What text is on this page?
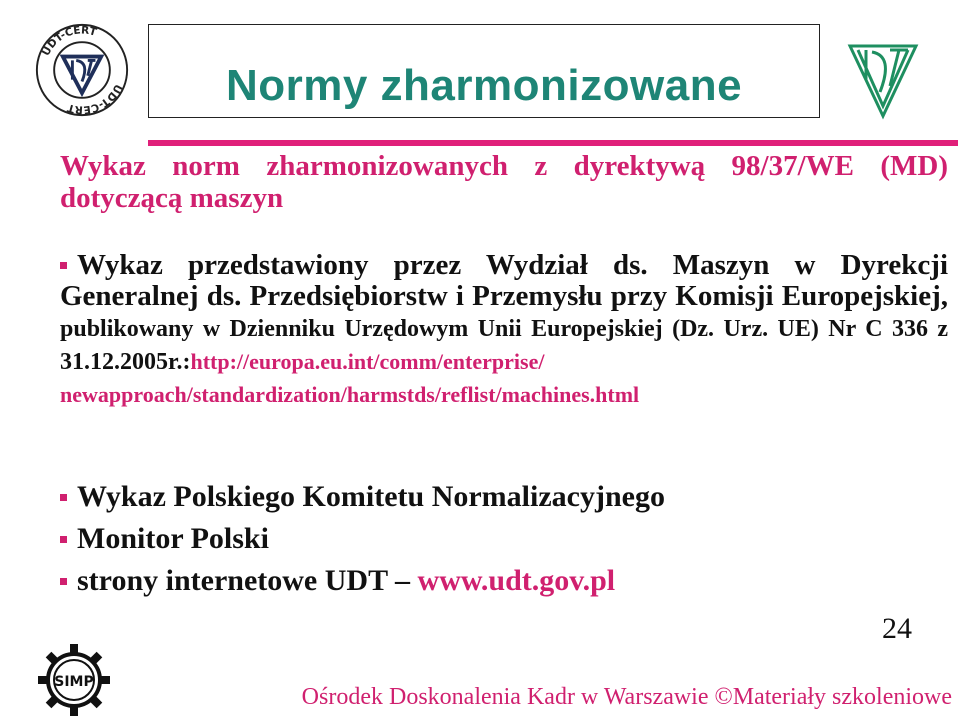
UDT-CERT
UDT-CERT	Normy zharmonizowane
Wykaz norm zharmonizowanych z dyrektywą 98/37/WE (MD) dotyczącą maszyn
Wykaz przedstawiony przez Wydział ds. Maszyn w Dyrekcji Generalnej ds. Przedsiębiorstw i Przemysłu przy Komisji Europejskiej, publikowany w Dzienniku Urzędowym Unii Europejskiej (Dz. Urz. UE) Nr C 336 z 31.12.2005r.:http://europa.eu.int/comm/enterprise/ newapproach/standardization/harmstds/reflist/machines.html
Wykaz Polskiego Komitetu Normalizacyjnego
Monitor Polski
strony internetowe UDT – www.udt.gov.pl
24
SIMP
Ośrodek Doskonalenia Kadr w Warszawie ©Materiały szkoleniowe
